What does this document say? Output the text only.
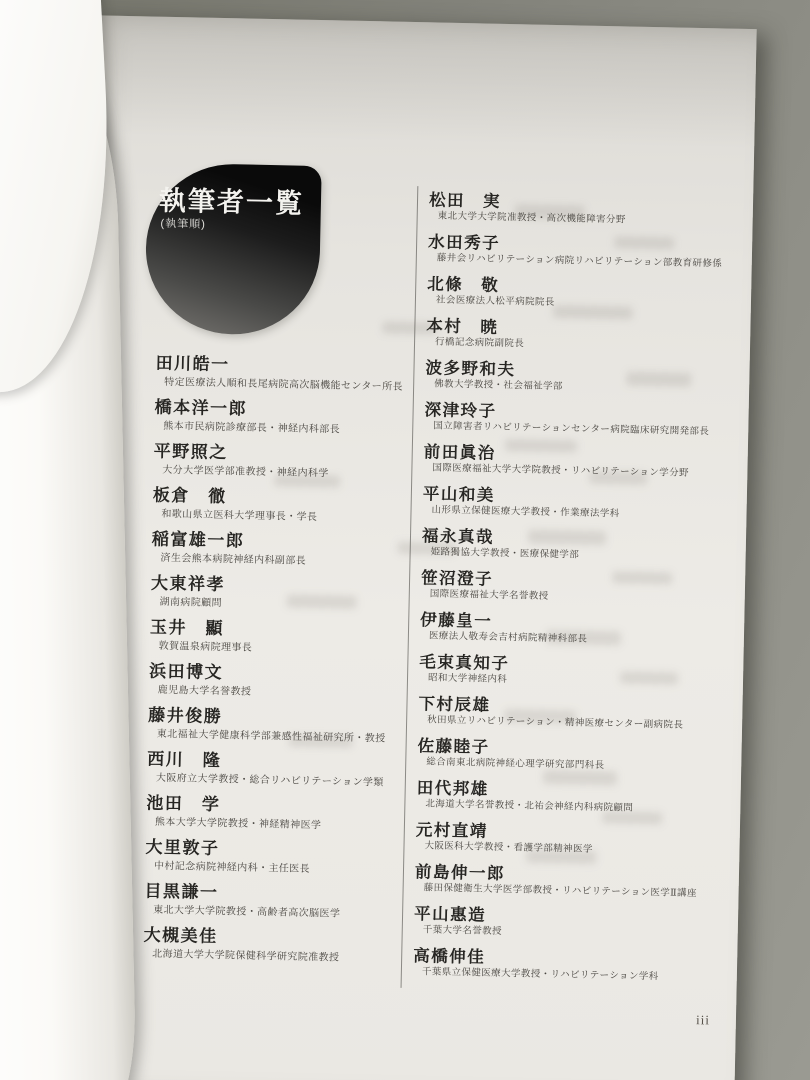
執筆者一覧
(執筆順)
田川皓一
特定医療法人順和長尾病院高次脳機能センター所長
橋本洋一郎
熊本市民病院診療部長・神経内科部長
平野照之
大分大学医学部准教授・神経内科学
板倉　徹
和歌山県立医科大学理事長・学長
稲富雄一郎
済生会熊本病院神経内科副部長
大東祥孝
湖南病院顧問
玉井　顯
敦賀温泉病院理事長
浜田博文
鹿児島大学名誉教授
藤井俊勝
東北福祉大学健康科学部兼感性福祉研究所・教授
西川　隆
大阪府立大学教授・総合リハビリテーション学類
池田　学
熊本大学大学院教授・神経精神医学
大里敦子
中村記念病院神経内科・主任医長
目黒謙一
東北大学大学院教授・高齢者高次脳医学
大槻美佳
北海道大学大学院保健科学研究院准教授
松田　実
東北大学大学院准教授・高次機能障害分野
水田秀子
藤井会リハビリテーション病院リハビリテーション部教育研修係
北條　敬
社会医療法人松平病院院長
本村　暁
行橋記念病院副院長
波多野和夫
佛教大学教授・社会福祉学部
深津玲子
国立障害者リハビリテーションセンター病院臨床研究開発部長
前田眞治
国際医療福祉大学大学院教授・リハビリテーション学分野
平山和美
山形県立保健医療大学教授・作業療法学科
福永真哉
姫路獨協大学教授・医療保健学部
笹沼澄子
国際医療福祉大学名誉教授
伊藤皇一
医療法人敬寿会吉村病院精神科部長
毛束真知子
昭和大学神経内科
下村辰雄
秋田県立リハビリテーション・精神医療センター副病院長
佐藤睦子
総合南東北病院神経心理学研究部門科長
田代邦雄
北海道大学名誉教授・北祐会神経内科病院顧問
元村直靖
大阪医科大学教授・看護学部精神医学
前島伸一郎
藤田保健衛生大学医学部教授・リハビリテーション医学Ⅱ講座
平山惠造
千葉大学名誉教授
高橋伸佳
千葉県立保健医療大学教授・リハビリテーション学科
iii
